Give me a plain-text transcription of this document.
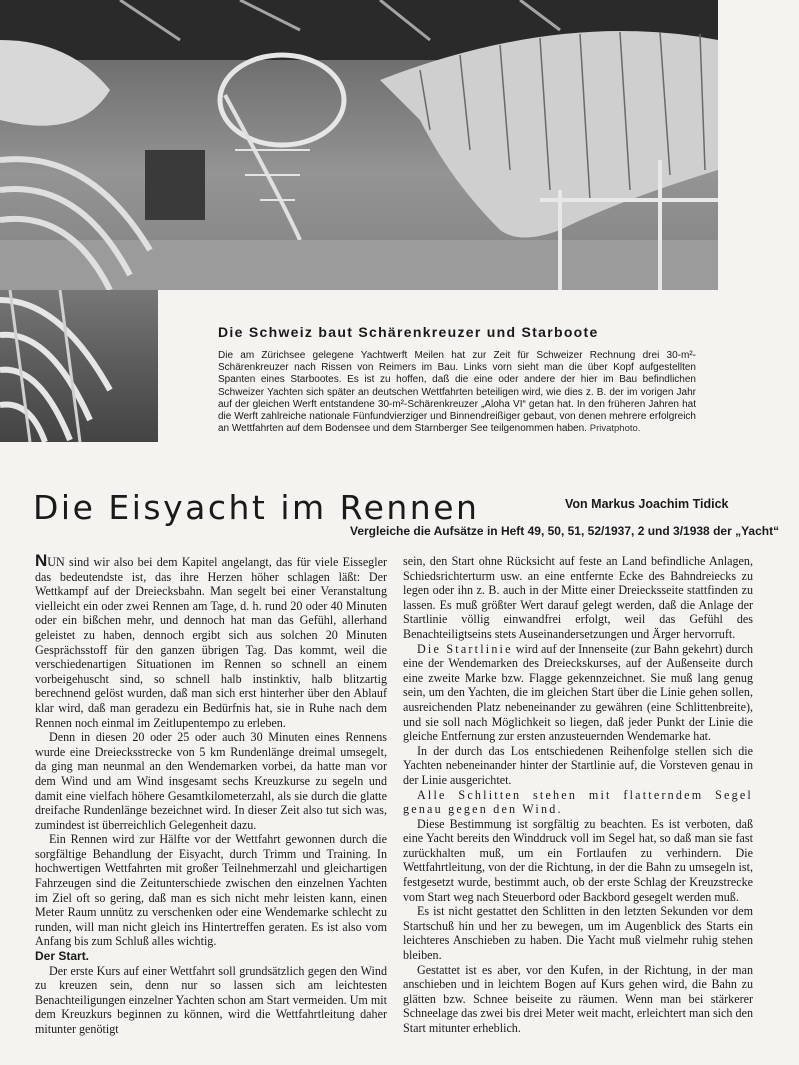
Die Schweiz baut Schärenkreuzer und Starboote
Die am Zürichsee gelegene Yachtwerft Meilen hat zur Zeit für Schweizer Rechnung drei 30-m²-Schärenkreuzer nach Rissen von Reimers im Bau. Links vorn sieht man die über Kopf aufgestellten Spanten eines Starbootes. Es ist zu hoffen, daß die eine oder andere der hier im Bau befindlichen Schweizer Yachten sich später an deutschen Wettfahrten beteiligen wird, wie dies z. B. der im vorigen Jahr auf der gleichen Werft entstandene 30-m²-Schärenkreuzer „Aloha VI“ getan hat. In den früheren Jahren hat die Werft zahlreiche nationale Fünfundvierziger und Binnendreißiger gebaut, von denen mehrere erfolgreich an Wettfahrten auf dem Bodensee und dem Starnberger See teilgenommen haben. Privatphoto.
Die Eisyacht im Rennen	Von Markus Joachim Tidick
Vergleiche die Aufsätze in Heft 49, 50, 51, 52/1937, 2 und 3/1938 der „Yacht“

NUN sind wir also bei dem Kapitel angelangt, das für viele Eissegler das bedeutendste ist, das ihre Herzen höher schlagen läßt: Der Wettkampf auf der Dreiecksbahn. Man segelt bei einer Veranstaltung vielleicht ein oder zwei Rennen am Tage, d. h. rund 20 oder 40 Minuten oder ein bißchen mehr, und dennoch hat man das Gefühl, allerhand geleistet zu haben, dennoch ergibt sich aus solchen 20 Minuten Gesprächsstoff für den ganzen übrigen Tag. Das kommt, weil die verschiedenartigen Situationen im Rennen so schnell an einem vorbeigehuscht sind, so schnell halb instinktiv, halb blitzartig berechnend gelöst wurden, daß man sich erst hinterher über den Ablauf klar wird, daß man geradezu ein Bedürfnis hat, sie in Ruhe nach dem Rennen noch einmal im Zeitlupentempo zu erleben.

Denn in diesen 20 oder 25 oder auch 30 Minuten eines Rennens wurde eine Dreiecksstrecke von 5 km Rundenlänge dreimal umsegelt, da ging man neunmal an den Wendemarken vorbei, da hatte man vor dem Wind und am Wind insgesamt sechs Kreuzkurse zu segeln und damit eine vielfach höhere Gesamtkilometerzahl, als sie durch die glatte dreifache Rundenlänge bezeichnet wird. In dieser Zeit also tut sich was, zumindest ist überreichlich Gelegenheit dazu.

Ein Rennen wird zur Hälfte vor der Wettfahrt gewonnen durch die sorgfältige Behandlung der Eisyacht, durch Trimm und Training. In hochwertigen Wettfahrten mit großer Teilnehmerzahl und gleichartigen Fahrzeugen sind die Zeitunterschiede zwischen den einzelnen Yachten im Ziel oft so gering, daß man es sich nicht mehr leisten kann, einen Meter Raum unnütz zu verschenken oder eine Wendemarke schlecht zu runden, will man nicht gleich ins Hintertreffen geraten. Es ist also vom Anfang bis zum Schluß alles wichtig.

Der Start.

Der erste Kurs auf einer Wettfahrt soll grundsätzlich gegen den Wind zu kreuzen sein, denn nur so lassen sich am leichtesten Benachteiligungen einzelner Yachten schon am Start vermeiden. Um mit dem Kreuzkurs beginnen zu können, wird die Wettfahrtleitung daher mitunter genötigt

sein, den Start ohne Rücksicht auf feste an Land befindliche Anlagen, Schiedsrichterturm usw. an eine entfernte Ecke des Bahndreiecks zu legen oder ihn z. B. auch in der Mitte einer Dreiecksseite stattfinden zu lassen. Es muß größter Wert darauf gelegt werden, daß die Anlage der Startlinie völlig einwandfrei erfolgt, weil das Gefühl des Benachteiligtseins stets Auseinandersetzungen und Ärger hervorruft.

Die Startlinie wird auf der Innenseite (zur Bahn gekehrt) durch eine der Wendemarken des Dreieckskurses, auf der Außenseite durch eine zweite Marke bzw. Flagge gekennzeichnet. Sie muß lang genug sein, um den Yachten, die im gleichen Start über die Linie gehen sollen, ausreichenden Platz nebeneinander zu gewähren (eine Schlittenbreite), und sie soll nach Möglichkeit so liegen, daß jeder Punkt der Linie die gleiche Entfernung zur ersten anzusteuernden Wendemarke hat.

In der durch das Los entschiedenen Reihenfolge stellen sich die Yachten nebeneinander hinter der Startlinie auf, die Vorsteven genau in der Linie ausgerichtet.

Alle Schlitten stehen mit flatterndem Segel genau gegen den Wind.

Diese Bestimmung ist sorgfältig zu beachten. Es ist verboten, daß eine Yacht bereits den Winddruck voll im Segel hat, so daß man sie fast zurückhalten muß, um ein Fortlaufen zu verhindern. Die Wettfahrtleitung, von der die Richtung, in der die Bahn zu umsegeln ist, festgesetzt wurde, bestimmt auch, ob der erste Schlag der Kreuzstrecke vom Start weg nach Steuerbord oder Backbord gesegelt werden muß.

Es ist nicht gestattet den Schlitten in den letzten Sekunden vor dem Startschuß hin und her zu bewegen, um im Augenblick des Starts ein leichteres Anschieben zu haben. Die Yacht muß vielmehr ruhig stehen bleiben.

Gestattet ist es aber, vor den Kufen, in der Richtung, in der man anschieben und in leichtem Bogen auf Kurs gehen wird, die Bahn zu glätten bzw. Schnee beiseite zu räumen. Wenn man bei stärkerer Schneelage das zwei bis drei Meter weit macht, erleichtert man sich den Start mitunter erheblich.
